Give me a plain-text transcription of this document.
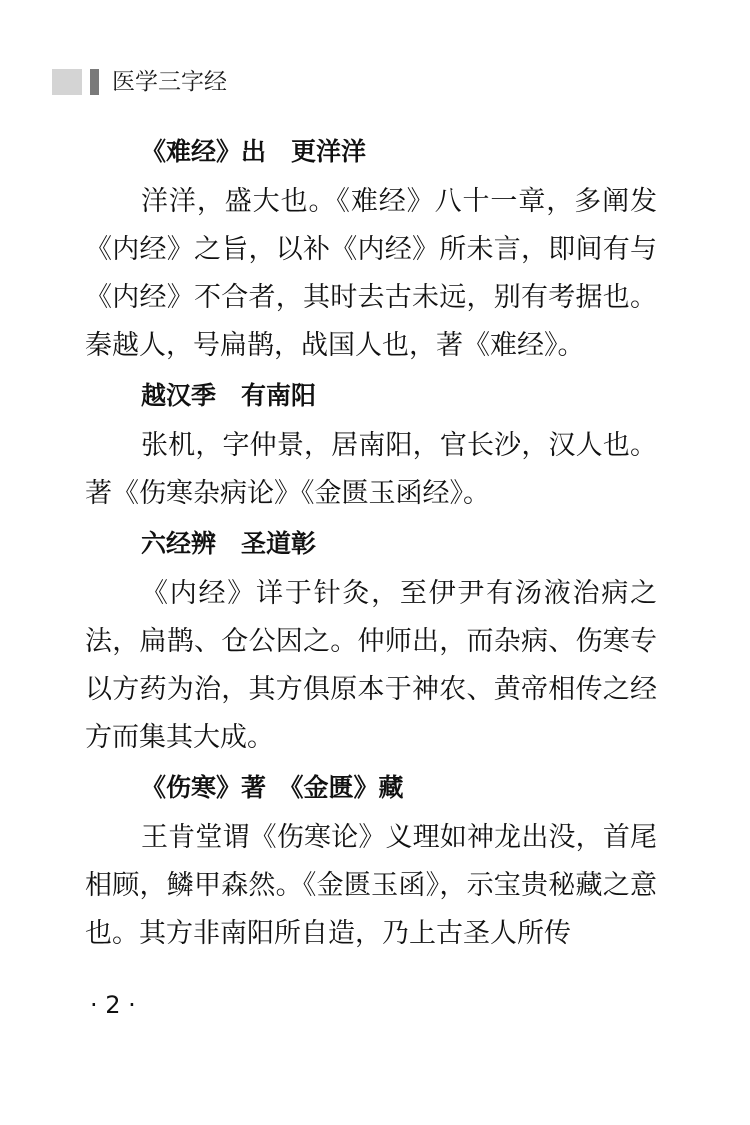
医学三字经
《难经》出　更洋洋

洋洋，盛大也。《难经》八十一章，多阐发《内经》之旨，以补《内经》所未言，即间有与《内经》不合者，其时去古未远，别有考据也。秦越人，号扁鹊，战国人也，著《难经》。

越汉季　有南阳

张机，字仲景，居南阳，官长沙，汉人也。著《伤寒杂病论》《金匮玉函经》。

六经辨　圣道彰

《内经》详于针灸，至伊尹有汤液治病之法，扁鹊、仓公因之。仲师出，而杂病、伤寒专以方药为治，其方俱原本于神农、黄帝相传之经方而集其大成。

《伤寒》著　《金匮》藏

王肯堂谓《伤寒论》义理如神龙出没，首尾相顾，鳞甲森然。《金匮玉函》，示宝贵秘藏之意也。其方非南阳所自造，乃上古圣人所传

· 2 ·
